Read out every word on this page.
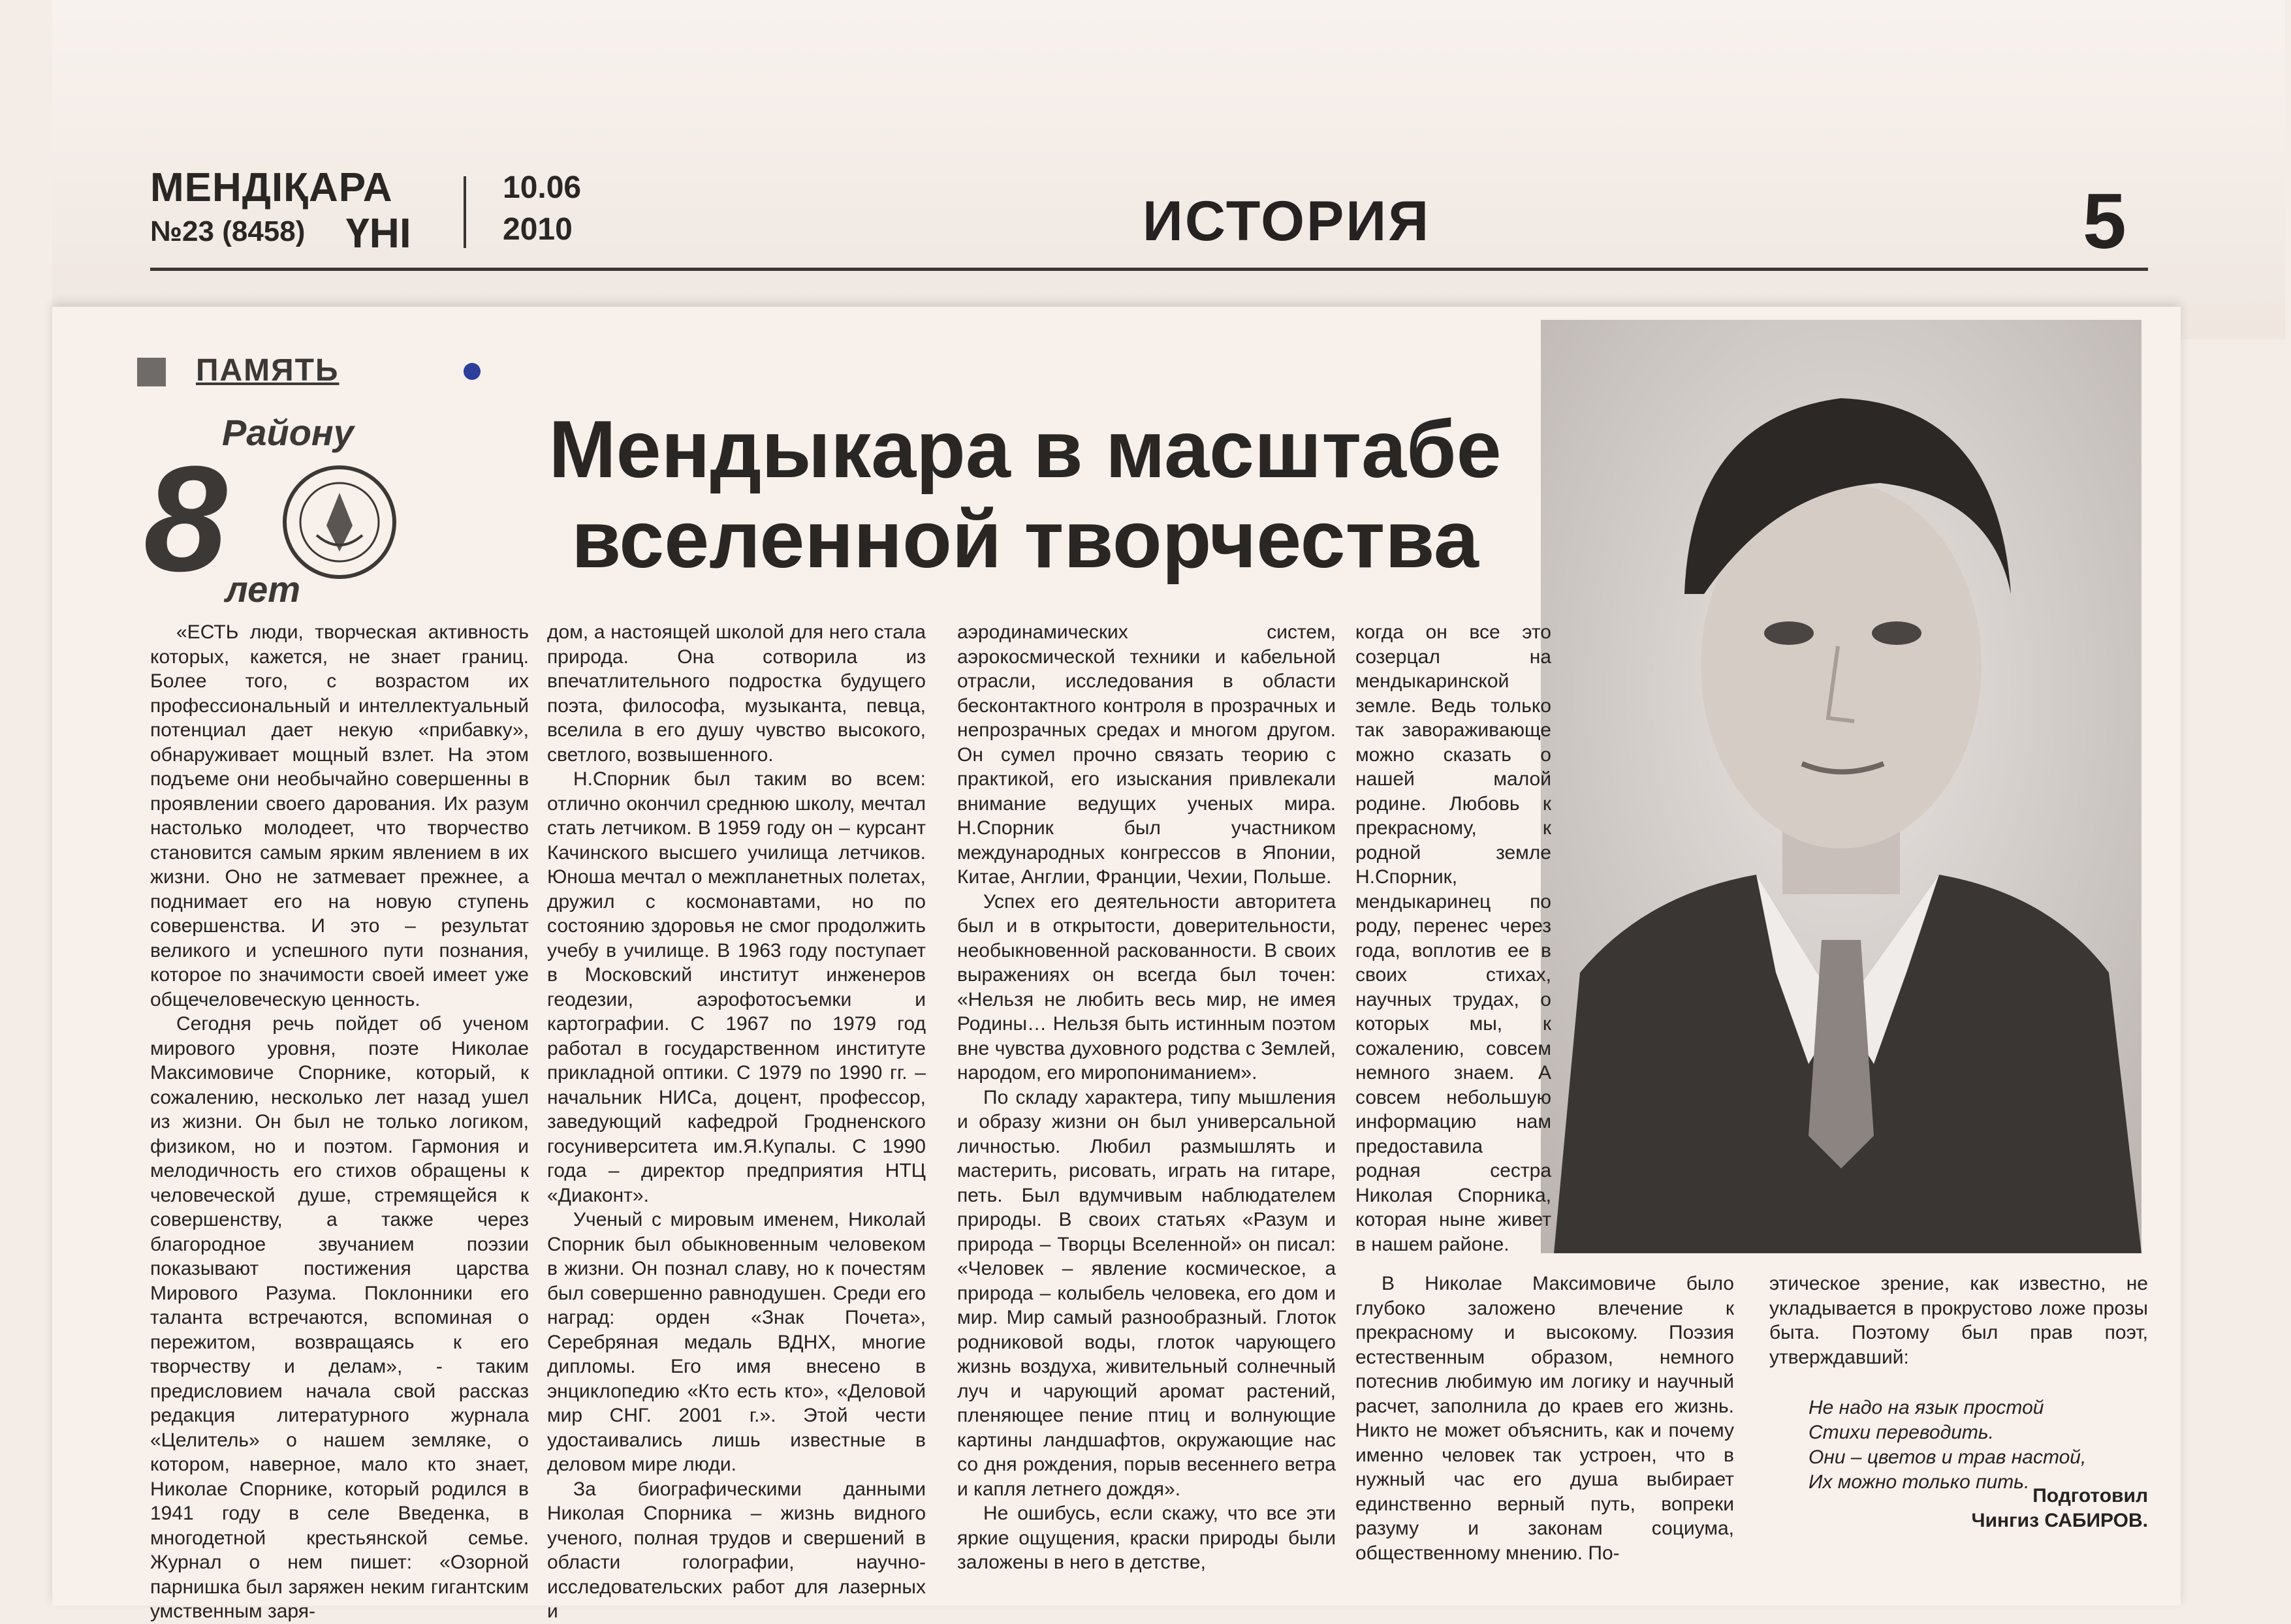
МЕНДІҚАРА
№23 (8458) ҮНІ
10.06
2010	ИСТОРИЯ	5
ПАМЯТЬ
Району
8
лет
Мендыкара в масштабе
вселенной творчества

«ЕСТЬ люди, творческая активность которых, кажется, не знает границ. Более того, с возрастом их профессиональный и интеллектуальный потенциал дает некую «прибавку», обнаруживает мощный взлет. На этом подъеме они необычайно совершенны в проявлении своего дарования. Их разум настолько молодеет, что творчество становится самым ярким явлением в их жизни. Оно не затмевает прежнее, а поднимает его на новую ступень совершенства. И это – результат великого и успешного пути познания, которое по значимости своей имеет уже общечеловеческую ценность.

Сегодня речь пойдет об ученом мирового уровня, поэте Николае Максимовиче Спорнике, который, к сожалению, несколько лет назад ушел из жизни. Он был не только логиком, физиком, но и поэтом. Гармония и мелодичность его стихов обращены к человеческой душе, стремящейся к совершенству, а также через благородное звучанием поэзии показывают постижения царства Мирового Разума. Поклонники его таланта встречаются, вспоминая о пережитом, возвращаясь к его творчеству и делам», - таким предисловием начала свой рассказ редакция литературного журнала «Целитель» о нашем земляке, о котором, наверное, мало кто знает, Николае Спорнике, который родился в 1941 году в селе Введенка, в многодетной крестьянской семье. Журнал о нем пишет: «Озорной парнишка был заряжен неким гигантским умственным заря-

дом, а настоящей школой для него стала природа. Она сотворила из впечатлительного подростка будущего поэта, философа, музыканта, певца, вселила в его душу чувство высокого, светлого, возвышенного.

Н.Спорник был таким во всем: отлично окончил среднюю школу, мечтал стать летчиком. В 1959 году он – курсант Качинского высшего училища летчиков. Юноша мечтал о межпланетных полетах, дружил с космонавтами, но по состоянию здоровья не смог продолжить учебу в училище. В 1963 году поступает в Московский институт инженеров геодезии, аэрофотосъемки и картографии. С 1967 по 1979 год работал в государственном институте прикладной оптики. С 1979 по 1990 гг. – начальник НИСа, доцент, профессор, заведующий кафедрой Гродненского госуниверситета им.Я.Купалы. С 1990 года – директор предприятия НТЦ «Диаконт».

Ученый с мировым именем, Николай Спорник был обыкновенным человеком в жизни. Он познал славу, но к почестям был совершенно равнодушен. Среди его наград: орден «Знак Почета», Серебряная медаль ВДНХ, многие дипломы. Его имя внесено в энциклопедию «Кто есть кто», «Деловой мир СНГ. 2001 г.». Этой чести удостаивались лишь известные в деловом мире люди.

За биографическими данными Николая Спорника – жизнь видного ученого, полная трудов и свершений в области голографии, научно-исследовательских работ для лазерных и

аэродинамических систем, аэрокосмической техники и кабельной отрасли, исследования в области бесконтактного контроля в прозрачных и непрозрачных средах и многом другом. Он сумел прочно связать теорию с практикой, его изыскания привлекали внимание ведущих ученых мира. Н.Спорник был участником международных конгрессов в Японии, Китае, Англии, Франции, Чехии, Польше.

Успех его деятельности авторитета был и в открытости, доверительности, необыкновенной раскованности. В своих выражениях он всегда был точен: «Нельзя не любить весь мир, не имея Родины… Нельзя быть истинным поэтом вне чувства духовного родства с Землей, народом, его миропониманием».

По складу характера, типу мышления и образу жизни он был универсальной личностью. Любил размышлять и мастерить, рисовать, играть на гитаре, петь. Был вдумчивым наблюдателем природы. В своих статьях «Разум и природа – Творцы Вселенной» он писал: «Человек – явление космическое, а природа – колыбель человека, его дом и мир. Мир самый разнообразный. Глоток родниковой воды, глоток чарующего жизнь воздуха, живительный солнечный луч и чарующий аромат растений, пленяющее пение птиц и волнующие картины ландшафтов, окружающие нас со дня рождения, порыв весеннего ветра и капля летнего дождя».

Не ошибусь, если скажу, что все эти яркие ощущения, краски природы были заложены в него в детстве,

когда он все это созерцал на мендыкаринской земле. Ведь только так завораживающе можно сказать о нашей малой родине. Любовь к прекрасному, к родной земле Н.Спорник, мендыкаринец по роду, перенес через года, воплотив ее в своих стихах, научных трудах, о которых мы, к сожалению, совсем немного знаем. А совсем небольшую информацию нам предоставила родная сестра Николая Спорника, которая ныне живет в нашем районе.

В Николае Максимовиче было глубоко заложено влечение к прекрасному и высокому. Поэзия естественным образом, немного потеснив любимую им логику и научный расчет, заполнила до краев его жизнь. Никто не может объяснить, как и почему именно человек так устроен, что в нужный час его душа выбирает единственно верный путь, вопреки разуму и законам социума, общественному мнению. По-

этическое зрение, как известно, не укладывается в прокрустово ложе прозы быта. Поэтому был прав поэт, утверждавший:

Не надо на язык простой
Стихи переводить.
Они – цветов и трав настой,
Их можно только пить.
Подготовил
Чингиз САБИРОВ.
